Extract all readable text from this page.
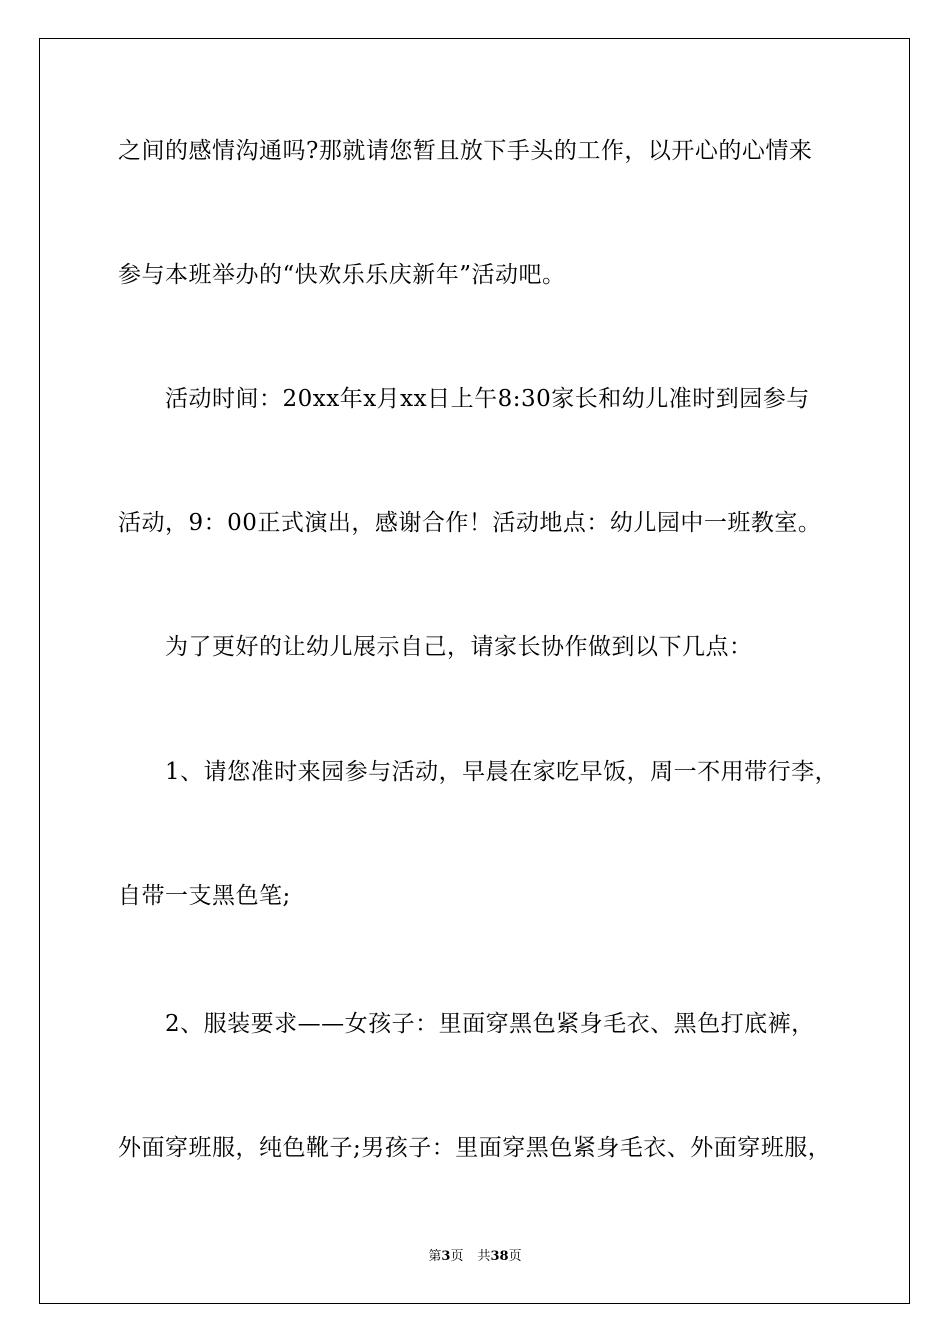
之间的感情沟通吗?那就请您暂且放下手头的工作，以开心的心情来
参与本班举办的“快欢乐乐庆新年”活动吧。
活动时间：20xx年x月xx日上午8:30家长和幼儿准时到园参与
活动，9：00正式演出，感谢合作！活动地点：幼儿园中一班教室。
为了更好的让幼儿展示自己，请家长协作做到以下几点：
1、请您准时来园参与活动，早晨在家吃早饭，周一不用带行李，
自带一支黑色笔;
2、服装要求——女孩子：里面穿黑色紧身毛衣、黑色打底裤，
外面穿班服，纯色靴子;男孩子：里面穿黑色紧身毛衣、外面穿班服，
第3页 共38页
